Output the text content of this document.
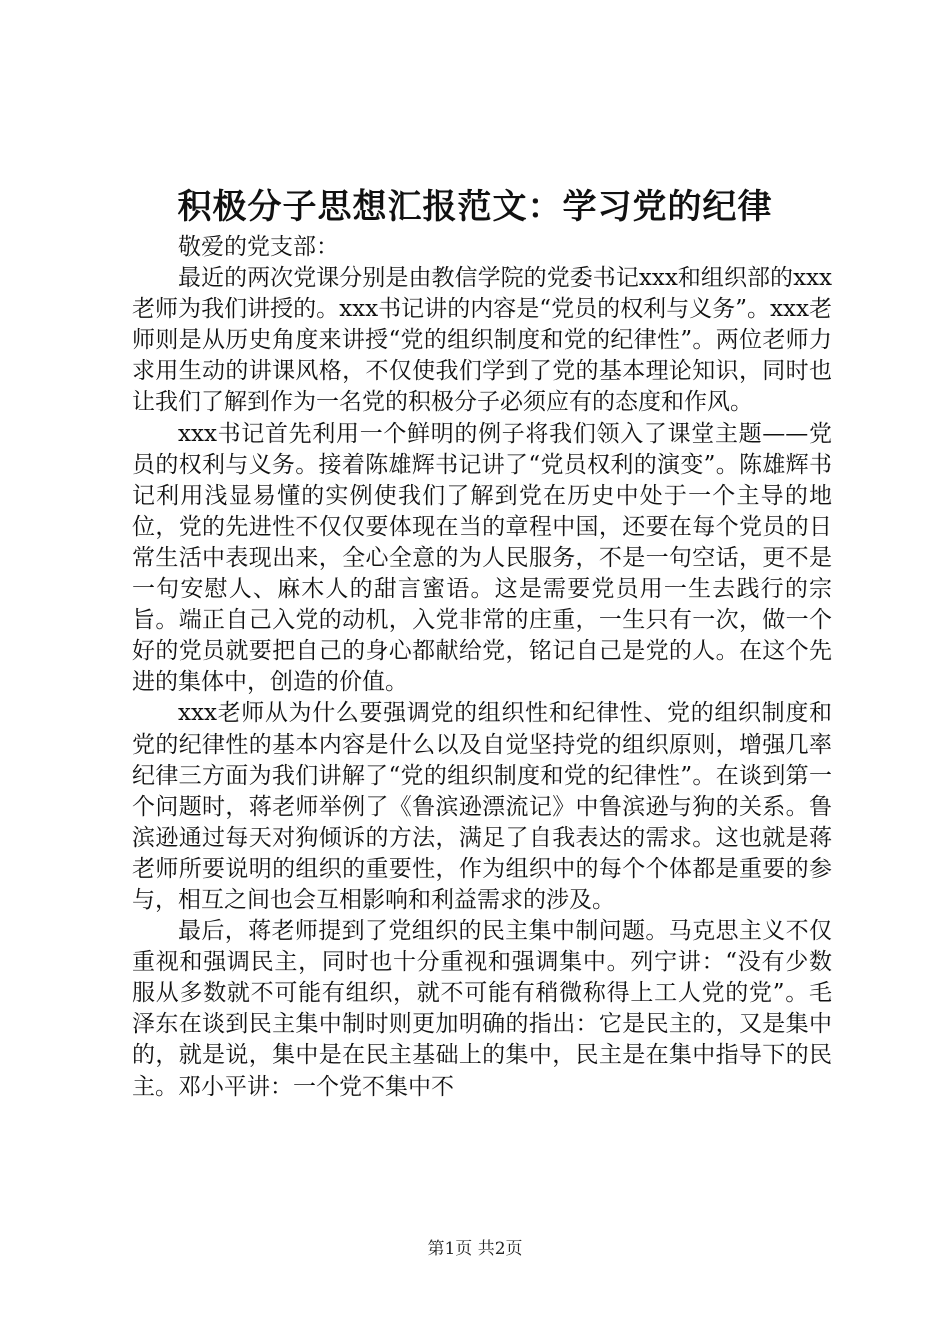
积极分子思想汇报范文：学习党的纪律

敬爱的党支部：

最近的两次党课分别是由教信学院的党委书记xxx和组织部的xxx老师为我们讲授的。xxx书记讲的内容是“党员的权利与义务”。xxx老师则是从历史角度来讲授“党的组织制度和党的纪律性”。两位老师力求用生动的讲课风格，不仅使我们学到了党的基本理论知识，同时也让我们了解到作为一名党的积极分子必须应有的态度和作风。

xxx书记首先利用一个鲜明的例子将我们领入了课堂主题——党员的权利与义务。接着陈雄辉书记讲了“党员权利的演变”。陈雄辉书记利用浅显易懂的实例使我们了解到党在历史中处于一个主导的地位，党的先进性不仅仅要体现在当的章程中国，还要在每个党员的日常生活中表现出来，全心全意的为人民服务，不是一句空话，更不是一句安慰人、麻木人的甜言蜜语。这是需要党员用一生去践行的宗旨。端正自己入党的动机，入党非常的庄重，一生只有一次，做一个好的党员就要把自己的身心都献给党，铭记自己是党的人。在这个先进的集体中，创造的价值。

xxx老师从为什么要强调党的组织性和纪律性、党的组织制度和党的纪律性的基本内容是什么以及自觉坚持党的组织原则，增强几率纪律三方面为我们讲解了“党的组织制度和党的纪律性”。在谈到第一个问题时，蒋老师举例了《鲁滨逊漂流记》中鲁滨逊与狗的关系。鲁滨逊通过每天对狗倾诉的方法，满足了自我表达的需求。这也就是蒋老师所要说明的组织的重要性，作为组织中的每个个体都是重要的参与，相互之间也会互相影响和利益需求的涉及。

最后，蒋老师提到了党组织的民主集中制问题。马克思主义不仅重视和强调民主，同时也十分重视和强调集中。列宁讲：“没有少数服从多数就不可能有组织，就不可能有稍微称得上工人党的党”。毛泽东在谈到民主集中制时则更加明确的指出：它是民主的，又是集中的，就是说，集中是在民主基础上的集中，民主是在集中指导下的民主。邓小平讲：一个党不集中不

第1页 共2页
